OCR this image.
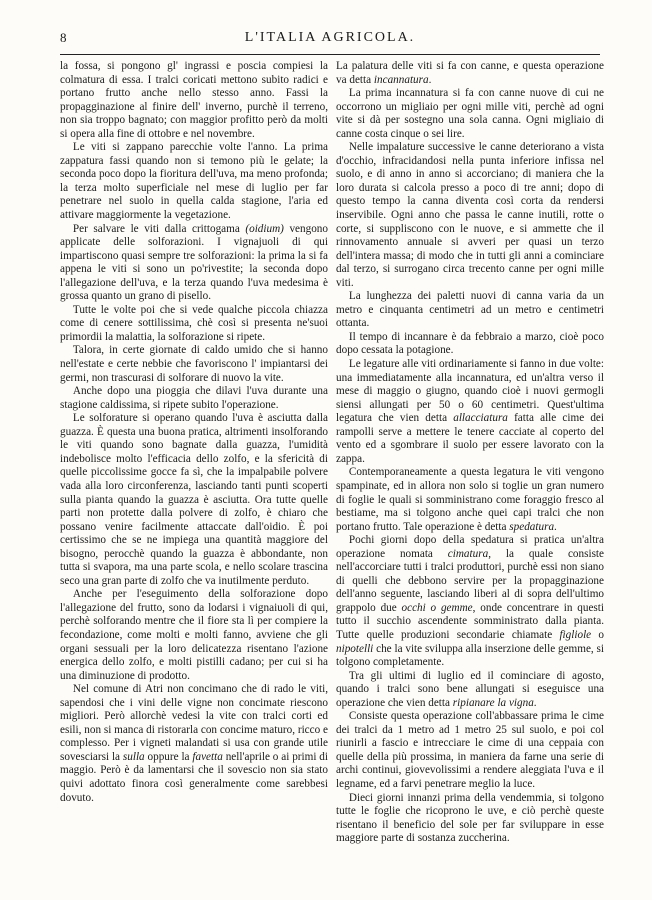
8	L'ITALIA AGRICOLA.

la fossa, si pongono gl' ingrassi e poscia compiesi la colmatura di essa. I tralci coricati mettono subito radici e portano frutto anche nello stesso anno. Fassi la propagginazione al finire dell' inverno, purchè il terreno, non sia troppo bagnato; con maggior profitto però da molti si opera alla fine di ottobre e nel novembre.

Le viti si zappano parecchie volte l'anno. La prima zappatura fassi quando non si temono più le gelate; la seconda poco dopo la fioritura dell'uva, ma meno profonda; la terza molto superficiale nel mese di luglio per far penetrare nel suolo in quella calda stagione, l'aria ed attivare maggiormente la vegetazione.

Per salvare le viti dalla crittogama (oidium) vengono applicate delle solforazioni. I vignajuoli di qui impartiscono quasi sempre tre solforazioni: la prima la si fa appena le viti si sono un po'rivestite; la seconda dopo l'allegazione dell'uva, e la terza quando l'uva medesima è grossa quanto un grano di pisello.

Tutte le volte poi che si vede qualche piccola chiazza come di cenere sottilissima, chè così si presenta ne'suoi primordii la malattia, la solforazione si ripete.

Talora, in certe giornate di caldo umido che si hanno nell'estate e certe nebbie che favoriscono l' impiantarsi dei germi, non trascurasi di solforare di nuovo la vite.

Anche dopo una pioggia che dilavi l'uva durante una stagione caldissima, si ripete subito l'operazione.

Le solforature si operano quando l'uva è asciutta dalla guazza. È questa una buona pratica, altrimenti insolforando le viti quando sono bagnate dalla guazza, l'umidità indebolisce molto l'efficacia dello zolfo, e la sfericità di quelle piccolissime gocce fa sì, che la impalpabile polvere vada alla loro circonferenza, lasciando tanti punti scoperti sulla pianta quando la guazza è asciutta. Ora tutte quelle parti non protette dalla polvere di zolfo, è chiaro che possano venire facilmente attaccate dall'oidio. È poi certissimo che se ne impiega una quantità maggiore del bisogno, perocchè quando la guazza è abbondante, non tutta si svapora, ma una parte scola, e nello scolare trascina seco una gran parte di zolfo che va inutilmente perduto.

Anche per l'eseguimento della solforazione dopo l'allegazione del frutto, sono da lodarsi i vignaiuoli di qui, perchè solforando mentre che il fiore sta lì per compiere la fecondazione, come molti e molti fanno, avviene che gli organi sessuali per la loro delicatezza risentano l'azione energica dello zolfo, e molti pistilli cadano; per cui si ha una diminuzione di prodotto.

Nel comune di Atri non concimano che di rado le viti, sapendosi che i vini delle vigne non concimate riescono migliori. Però allorchè vedesi la vite con tralci corti ed esili, non si manca di ristorarla con concime maturo, ricco e complesso. Per i vigneti malandati si usa con grande utile sovesciarsi la sulla oppure la favetta nell'aprile o ai primi di maggio. Però è da lamentarsi che il sovescio non sia stato quivi adottato finora così generalmente come sarebbesi dovuto.

La palatura delle viti si fa con canne, e questa operazione va detta incannatura.

La prima incannatura si fa con canne nuove di cui ne occorrono un migliaio per ogni mille viti, perchè ad ogni vite si dà per sostegno una sola canna. Ogni migliaio di canne costa cinque o sei lire.

Nelle impalature successive le canne deteriorano a vista d'occhio, infracidandosi nella punta inferiore infissa nel suolo, e di anno in anno si accorciano; di maniera che la loro durata si calcola presso a poco di tre anni; dopo di questo tempo la canna diventa così corta da rendersi inservibile. Ogni anno che passa le canne inutili, rotte o corte, si suppliscono con le nuove, e si ammette che il rinnovamento annuale si avveri per quasi un terzo dell'intera massa; di modo che in tutti gli anni a cominciare dal terzo, si surrogano circa trecento canne per ogni mille viti.

La lunghezza dei paletti nuovi di canna varia da un metro e cinquanta centimetri ad un metro e centimetri ottanta.

Il tempo di incannare è da febbraio a marzo, cioè poco dopo cessata la potagione.

Le legature alle viti ordinariamente si fanno in due volte: una immediatamente alla incannatura, ed un'altra verso il mese di maggio o giugno, quando cioè i nuovi germogli siensi allungati per 50 o 60 centimetri. Quest'ultima legatura che vien detta allacciatura fatta alle cime dei rampolli serve a mettere le tenere cacciate al coperto del vento ed a sgombrare il suolo per essere lavorato con la zappa.

Contemporaneamente a questa legatura le viti vengono spampinate, ed in allora non solo si toglie un gran numero di foglie le quali si somministrano come foraggio fresco al bestiame, ma si tolgono anche quei capi tralci che non portano frutto. Tale operazione è detta spedatura.

Pochi giorni dopo della spedatura si pratica un'altra operazione nomata cimatura, la quale consiste nell'accorciare tutti i tralci produttori, purchè essi non siano di quelli che debbono servire per la propagginazione dell'anno seguente, lasciando liberi al di sopra dell'ultimo grappolo due occhi o gemme, onde concentrare in questi tutto il succhio ascendente somministrato dalla pianta. Tutte quelle produzioni secondarie chiamate figliole o nipotelli che la vite sviluppa alla inserzione delle gemme, si tolgono completamente.

Tra gli ultimi di luglio ed il cominciare di agosto, quando i tralci sono bene allungati si eseguisce una operazione che vien detta ripianare la vigna.

Consiste questa operazione coll'abbassare prima le cime dei tralci da 1 metro ad 1 metro 25 sul suolo, e poi col riunirli a fascio e intrecciare le cime di una ceppaia con quelle della più prossima, in maniera da farne una serie di archi continui, giovevolissimi a rendere aleggiata l'uva e il legname, ed a farvi penetrare meglio la luce.

Dieci giorni innanzi prima della vendemmia, si tolgono tutte le foglie che ricoprono le uve, e ciò perchè queste risentano il beneficio del sole per far sviluppare in esse maggiore parte di sostanza zuccherina.
